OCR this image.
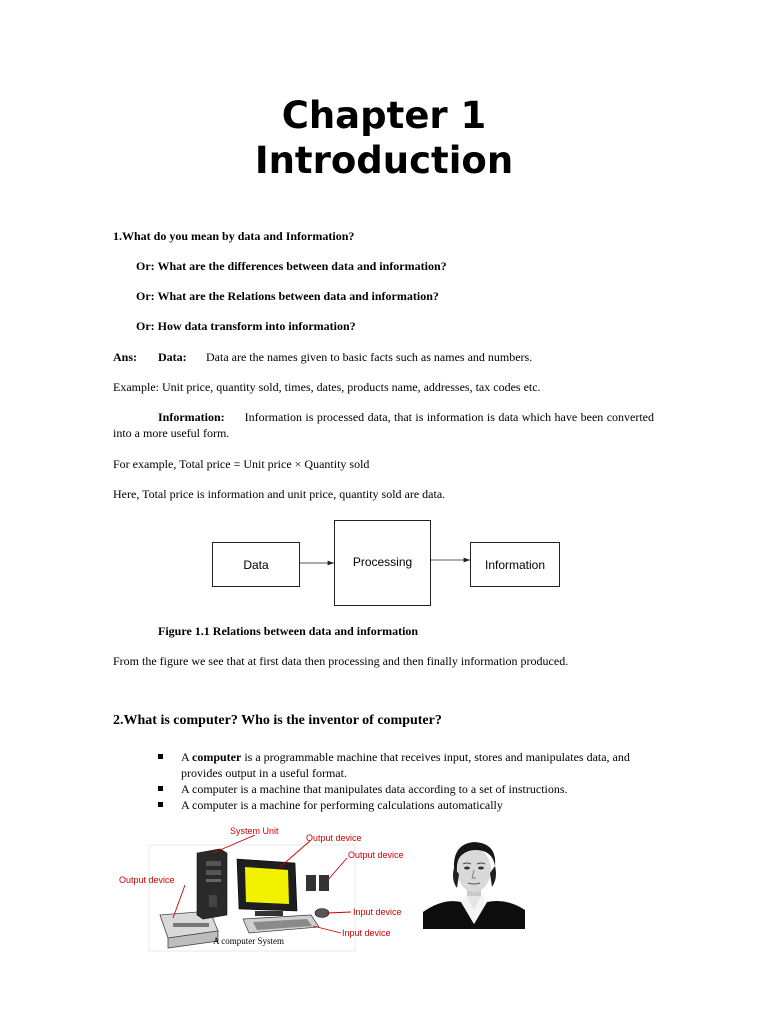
Chapter 1
Introduction
1.What do you mean by data and Information?
Or: What are the differences between data and information?
Or: What are the Relations between data and information?
Or: How data transform into information?
Ans: Data: Data are the names given to basic facts such as names and numbers.
Example: Unit price, quantity sold, times, dates, products name, addresses, tax codes etc.
Information: Information is processed data, that is information is data which have been converted into a more useful form.
For example, Total price = Unit price × Quantity sold
Here, Total price is information and unit price, quantity sold are data.
Data	Processing	Information
Figure 1.1 Relations between data and information
From the figure we see that at first data then processing and then finally information produced.
2.What is computer? Who is the inventor of computer?
A computer is a programmable machine that receives input, stores and manipulates data, and provides output in a useful format.
A computer is a machine that manipulates data according to a set of instructions.
A computer is a machine for performing calculations automatically
System Unit
Output device
Output device
Output device
Input device
Input device
A computer System
